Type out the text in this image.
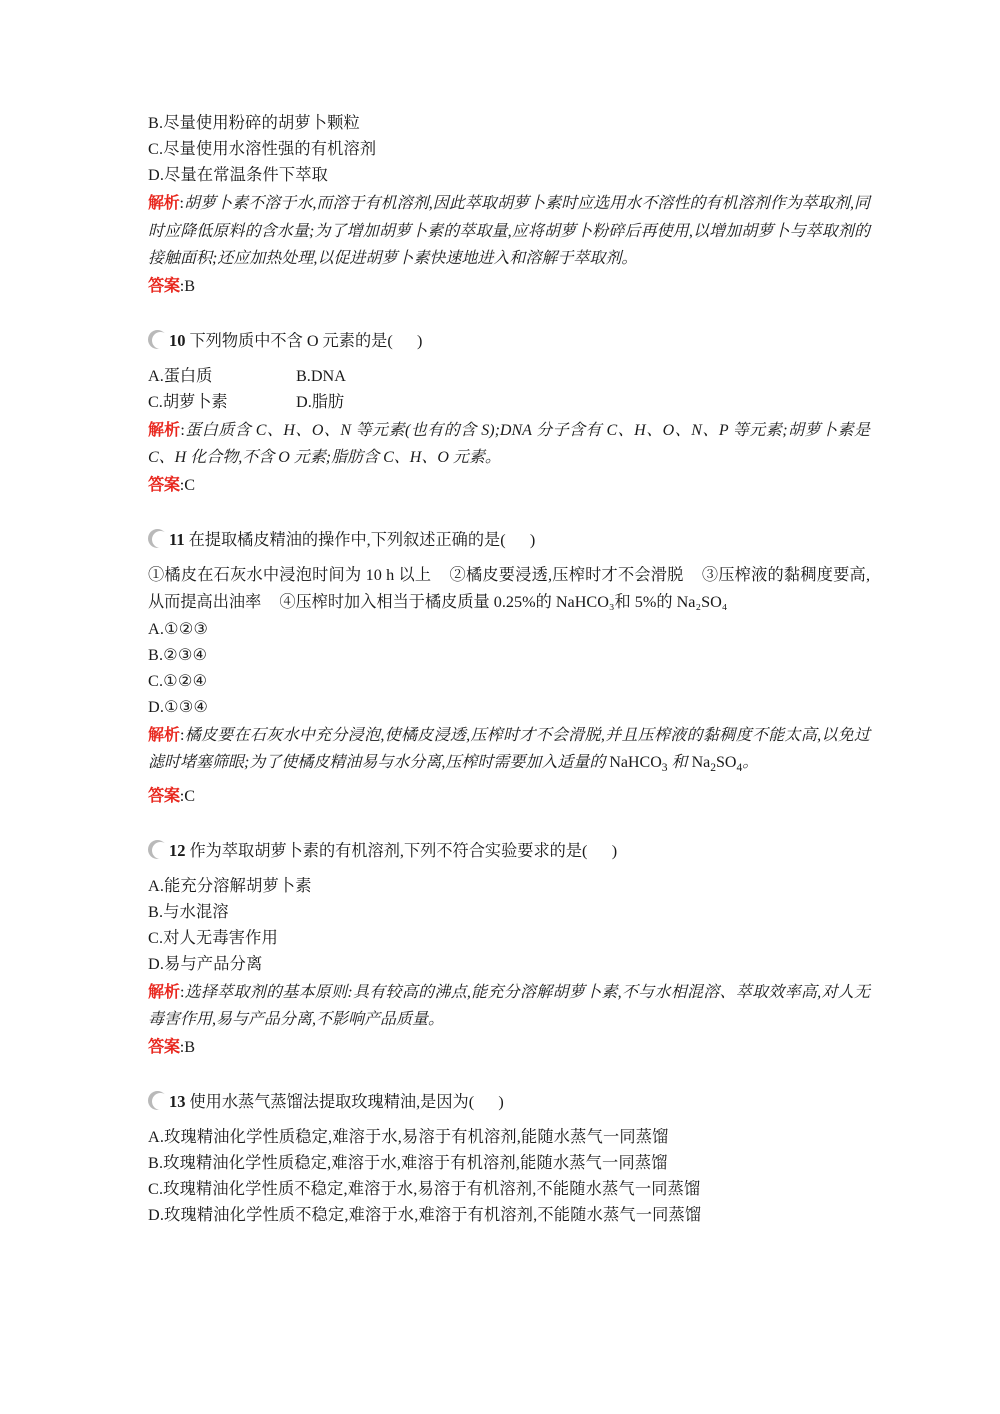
B.尽量使用粉碎的胡萝卜颗粒
C.尽量使用水溶性强的有机溶剂
D.尽量在常温条件下萃取
解析:胡萝卜素不溶于水,而溶于有机溶剂,因此萃取胡萝卜素时应选用水不溶性的有机溶剂作为萃取剂,同时应降低原料的含水量;为了增加胡萝卜素的萃取量,应将胡萝卜粉碎后再使用,以增加胡萝卜与萃取剂的接触面积;还应加热处理,以促进胡萝卜素快速地进入和溶解于萃取剂。
答案:B
10 下列物质中不含 O 元素的是(
)
A.蛋白质	B.DNA
C.胡萝卜素	D.脂肪
解析:蛋白质含 C、H、O、N 等元素(也有的含 S);DNA 分子含有 C、H、O、N、P 等元素;胡萝卜素是 C、H 化合物,不含 O 元素;脂肪含 C、H、O 元素。
答案:C
11 在提取橘皮精油的操作中,下列叙述正确的是(
)
①橘皮在石灰水中浸泡时间为 10 h 以上 ②橘皮要浸透,压榨时才不会滑脱 ③压榨液的黏稠度要高,从而提高出油率 ④压榨时加入相当于橘皮质量 0.25%的 NaHCO₃和 5%的 Na₂SO₄
A.①②③
B.②③④
C.①②④
D.①③④
解析:橘皮要在石灰水中充分浸泡,使橘皮浸透,压榨时才不会滑脱,并且压榨液的黏稠度不能太高,以免过滤时堵塞筛眼;为了使橘皮精油易与水分离,压榨时需要加入适量的 NaHCO$_3$ 和 $Na_2SO_4$。
答案:C
12 作为萃取胡萝卜素的有机溶剂,下列不符合实验要求的是(
)
A.能充分溶解胡萝卜素
B.与水混溶
C.对人无毒害作用
D.易与产品分离
解析:选择萃取剂的基本原则:具有较高的沸点,能充分溶解胡萝卜素,不与水相混溶、萃取效率高,对人无毒害作用,易与产品分离,不影响产品质量。
答案:B
13 使用水蒸气蒸馏法提取玫瑰精油,是因为(
)
A.玫瑰精油化学性质稳定,难溶于水,易溶于有机溶剂,能随水蒸气一同蒸馏
B.玫瑰精油化学性质稳定,难溶于水,难溶于有机溶剂,能随水蒸气一同蒸馏
C.玫瑰精油化学性质不稳定,难溶于水,易溶于有机溶剂,不能随水蒸气一同蒸馏
D.玫瑰精油化学性质不稳定,难溶于水,难溶于有机溶剂,不能随水蒸气一同蒸馏
